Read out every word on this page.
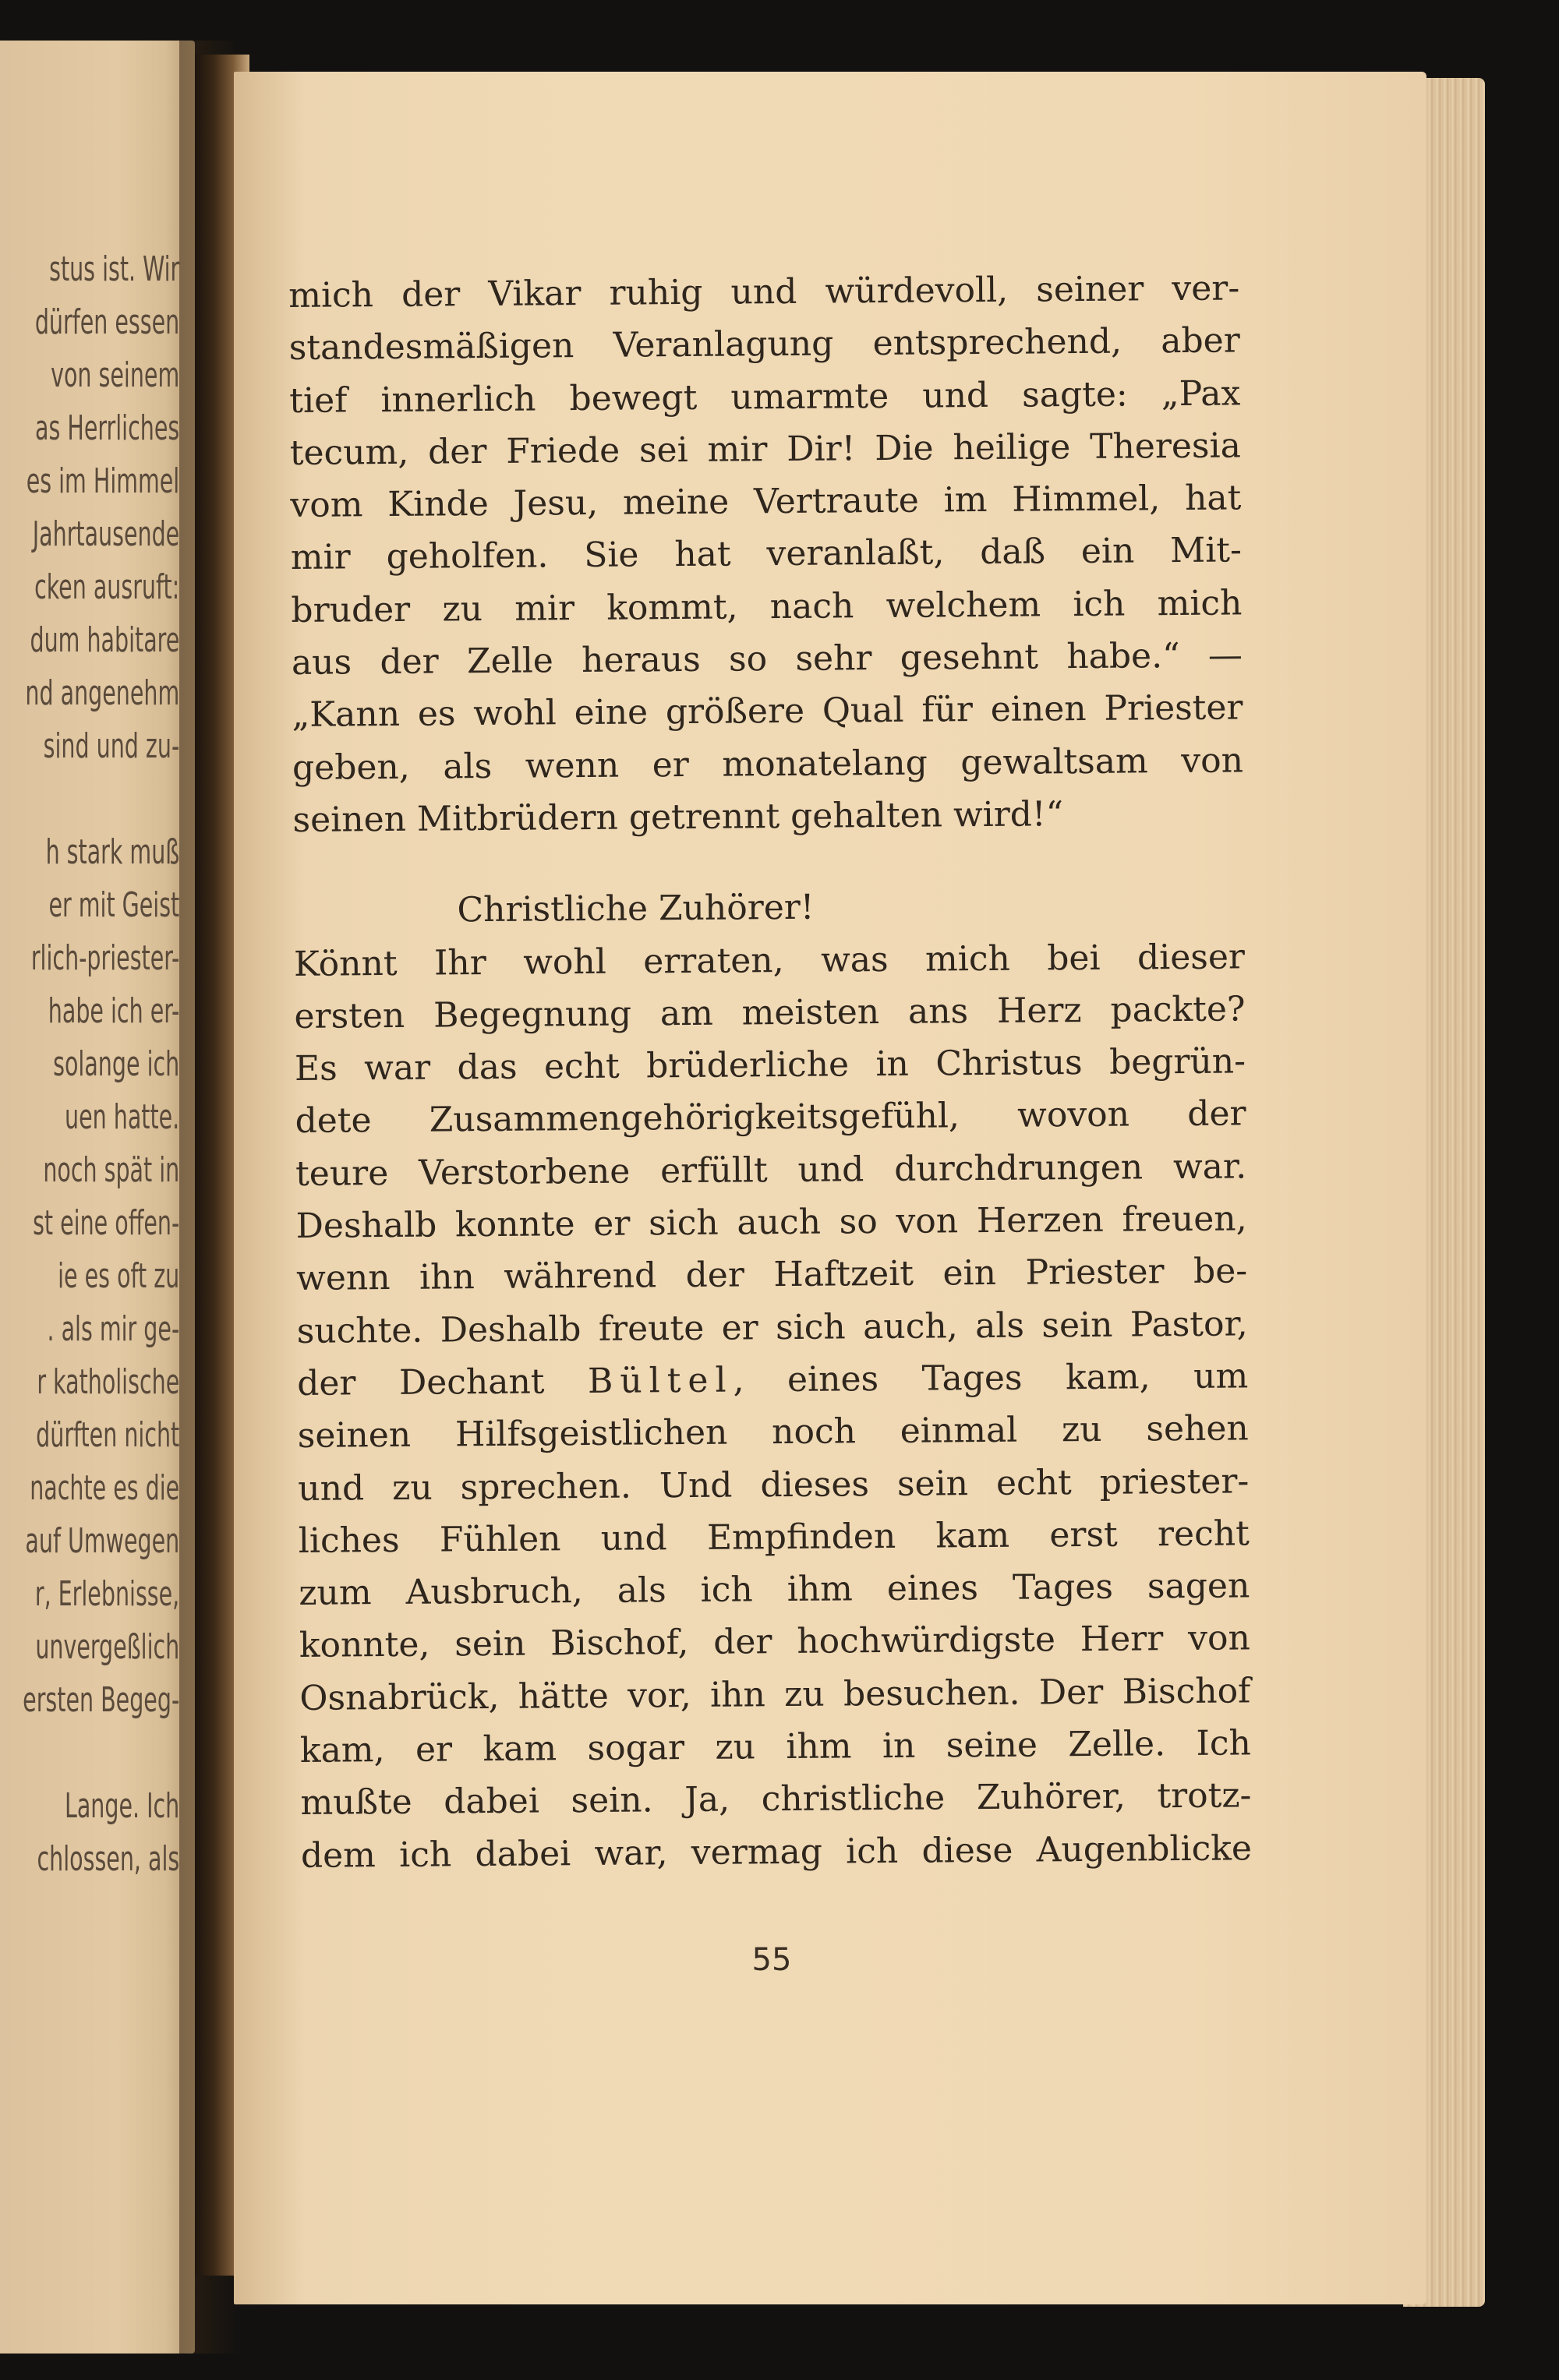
stus ist. Wir
dürfen essen
von seinem
as Herrliches
es im Himmel
Jahrtausende
cken ausruft:
dum habitare
nd angenehm
sind und zu-
h stark muß
er mit Geist
rlich-priester-
habe ich er-
solange ich
uen hatte.
noch spät in
st eine offen-
ie es oft zu
. als mir ge-
r katholische
dürften nicht
nachte es die
auf Umwegen
r, Erlebnisse,
unvergeßlich
ersten Begeg-
Lange. Ich
chlossen, als

mich der Vikar ruhig und würdevoll, seiner ver-
standesmäßigen Veranlagung entsprechend, aber
tief innerlich bewegt umarmte und sagte: „Pax
tecum, der Friede sei mir Dir! Die heilige Theresia
vom Kinde Jesu, meine Vertraute im Himmel, hat
mir geholfen. Sie hat veranlaßt, daß ein Mit-
bruder zu mir kommt, nach welchem ich mich
aus der Zelle heraus so sehr gesehnt habe.“ —
„Kann es wohl eine größere Qual für einen Priester
geben, als wenn er monatelang gewaltsam von
seinen Mitbrüdern getrennt gehalten wird!“

Christliche Zuhörer!

Könnt Ihr wohl erraten, was mich bei dieser
ersten Begegnung am meisten ans Herz packte?
Es war das echt brüderliche in Christus begrün-
dete Zusammengehörigkeitsgefühl, wovon der
teure Verstorbene erfüllt und durchdrungen war.
Deshalb konnte er sich auch so von Herzen freuen,
wenn ihn während der Haftzeit ein Priester be-
suchte. Deshalb freute er sich auch, als sein Pastor,
der Dechant Bültel, eines Tages kam, um
seinen Hilfsgeistlichen noch einmal zu sehen
und zu sprechen. Und dieses sein echt priester-
liches Fühlen und Empfinden kam erst recht
zum Ausbruch, als ich ihm eines Tages sagen
konnte, sein Bischof, der hochwürdigste Herr von
Osnabrück, hätte vor, ihn zu besuchen. Der Bischof
kam, er kam sogar zu ihm in seine Zelle. Ich
mußte dabei sein. Ja, christliche Zuhörer, trotz-
dem ich dabei war, vermag ich diese Augenblicke

55
